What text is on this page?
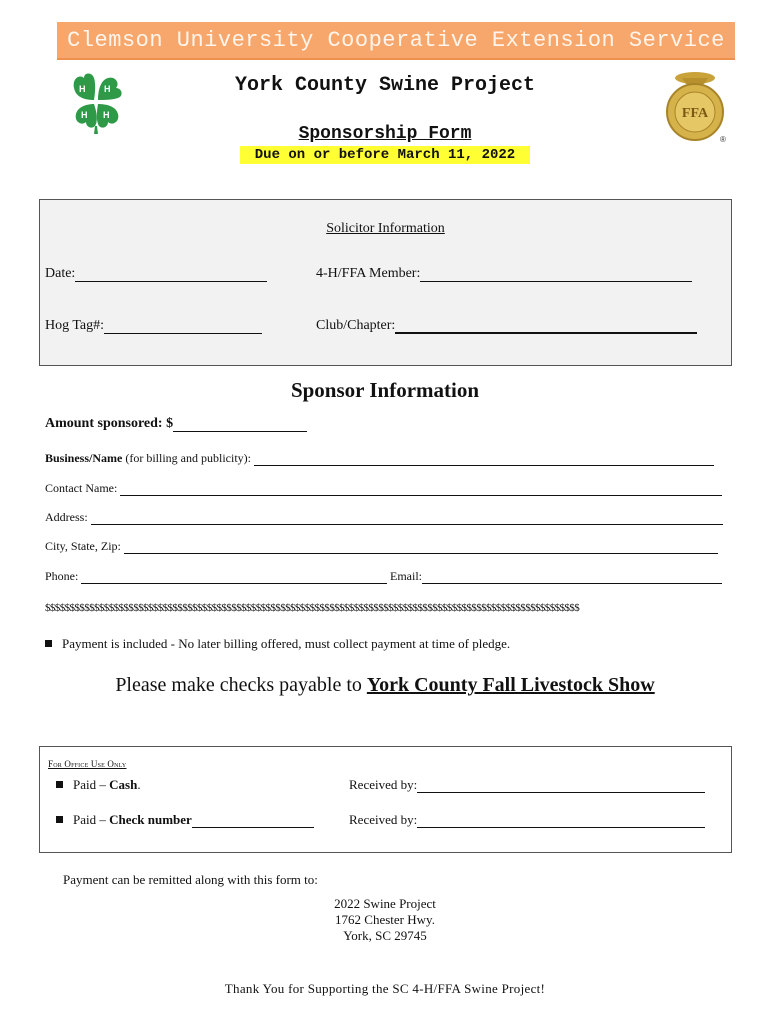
Clemson University Cooperative Extension Service
H H
H H	FFA
®
York County Swine Project
Sponsorship Form
Due on or before March 11, 2022
Solicitor Information
Date:	4-H/FFA Member:
Hog Tag#:	Club/Chapter:
Sponsor Information
Amount sponsored: $
Business/Name (for billing and publicity):
Contact Name:
Address:
City, State, Zip:
Phone:	Email:
$$$$$$$$$$$$$$$$$$$$$$$$$$$$$$$$$$$$$$$$$$$$$$$$$$$$$$$$$$$$$$$$$$$$$$$$$$$$$$$$$$$$$$$$$$$$$$$$$$$$$$$$$$$$$
Payment is included - No later billing offered, must collect payment at time of pledge.
Please make checks payable to York County Fall Livestock Show
For Office Use Only
Paid – Cash.	Received by:
Paid – Check number	Received by:
Payment can be remitted along with this form to:
2022 Swine Project
1762 Chester Hwy.
York, SC 29745
Thank You for Supporting the SC 4-H/FFA Swine Project!
